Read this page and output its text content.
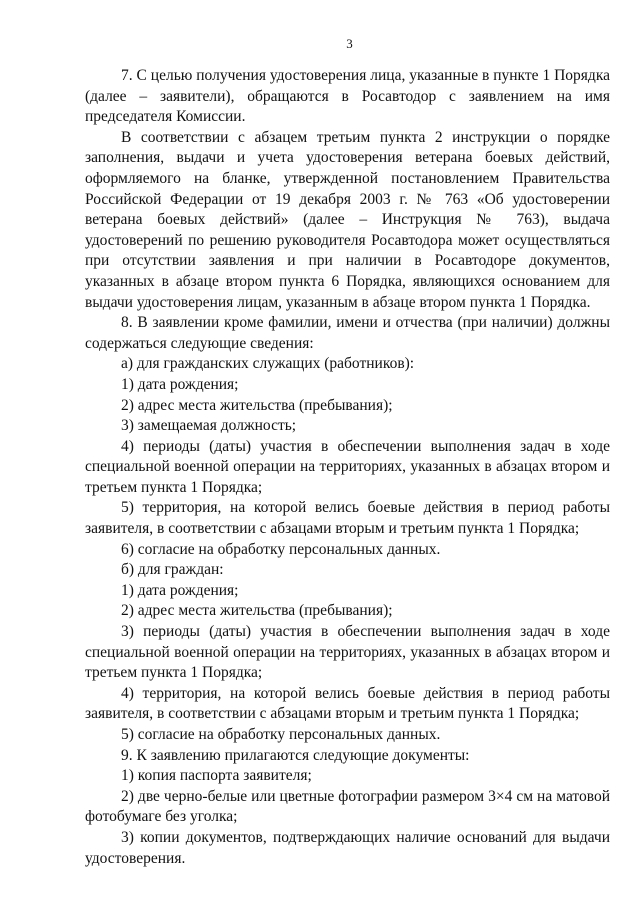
3

7. С целью получения удостоверения лица, указанные в пункте 1 Порядка (далее – заявители), обращаются в Росавтодор с заявлением на имя председателя Комиссии.

В соответствии с абзацем третьим пункта 2 инструкции о порядке заполнения, выдачи и учета удостоверения ветерана боевых действий, оформляемого на бланке, утвержденной постановлением Правительства Российской Федерации от 19 декабря 2003 г. № 763 «Об удостоверении ветерана боевых действий» (далее – Инструкция № 763), выдача удостоверений по решению руководителя Росавтодора может осуществляться при отсутствии заявления и при наличии в Росавтодоре документов, указанных в абзаце втором пункта 6 Порядка, являющихся основанием для выдачи удостоверения лицам, указанным в абзаце втором пункта 1 Порядка.

8. В заявлении кроме фамилии, имени и отчества (при наличии) должны содержаться следующие сведения:

а) для гражданских служащих (работников):

1) дата рождения;

2) адрес места жительства (пребывания);

3) замещаемая должность;

4) периоды (даты) участия в обеспечении выполнения задач в ходе специальной военной операции на территориях, указанных в абзацах втором и третьем пункта 1 Порядка;

5) территория, на которой велись боевые действия в период работы заявителя, в соответствии с абзацами вторым и третьим пункта 1 Порядка;

6) согласие на обработку персональных данных.

б) для граждан:

1) дата рождения;

2) адрес места жительства (пребывания);

3) периоды (даты) участия в обеспечении выполнения задач в ходе специальной военной операции на территориях, указанных в абзацах втором и третьем пункта 1 Порядка;

4) территория, на которой велись боевые действия в период работы заявителя, в соответствии с абзацами вторым и третьим пункта 1 Порядка;

5) согласие на обработку персональных данных.

9. К заявлению прилагаются следующие документы:

1) копия паспорта заявителя;

2) две черно-белые или цветные фотографии размером 3×4 см на матовой фотобумаге без уголка;

3) копии документов, подтверждающих наличие оснований для выдачи удостоверения.
